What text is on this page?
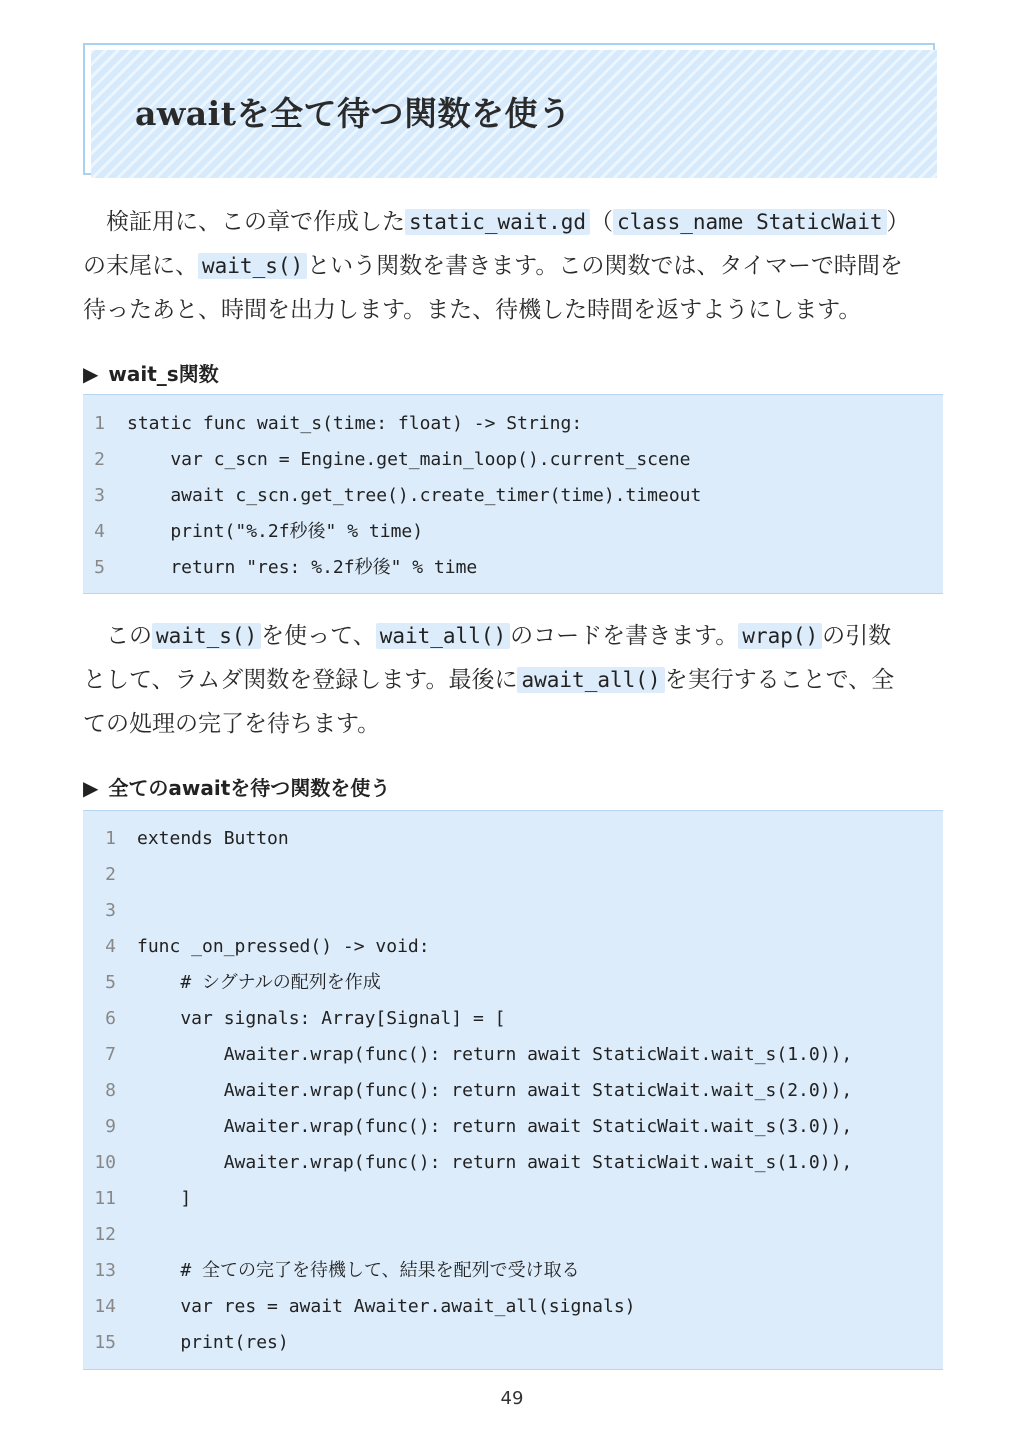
awaitを全て待つ関数を使う
　検証用に、この章で作成した static_wait.gd （ class_name StaticWait ）
の末尾に、 wait_s() という関数を書きます。この関数では、タイマーで時間を
待ったあと、時間を出力します。また、待機した時間を返すようにします。
▶ wait_s関数
1 static func wait_s(time: float) -> String:
2 var c_scn = Engine.get_main_loop().current_scene
3 await c_scn.get_tree().create_timer(time).timeout
4 print("%.2f秒後" % time)
5 return "res: %.2f秒後" % time
　この wait_s() を使って、 wait_all() のコードを書きます。 wrap() の引数
として、ラムダ関数を登録します。最後に await_all() を実行することで、全
ての処理の完了を待ちます。
▶ 全てのawaitを待つ関数を使う
1 extends Button
2
3
4 func _on_pressed() -> void:
5 # シグナルの配列を作成
6 var signals: Array[Signal] = [
7 Awaiter.wrap(func(): return await StaticWait.wait_s(1.0)),
8 Awaiter.wrap(func(): return await StaticWait.wait_s(2.0)),
9 Awaiter.wrap(func(): return await StaticWait.wait_s(3.0)),
10 Awaiter.wrap(func(): return await StaticWait.wait_s(1.0)),
11 ]
12
13 # 全ての完了を待機して、結果を配列で受け取る
14 var res = await Awaiter.await_all(signals)
15 print(res)
49
